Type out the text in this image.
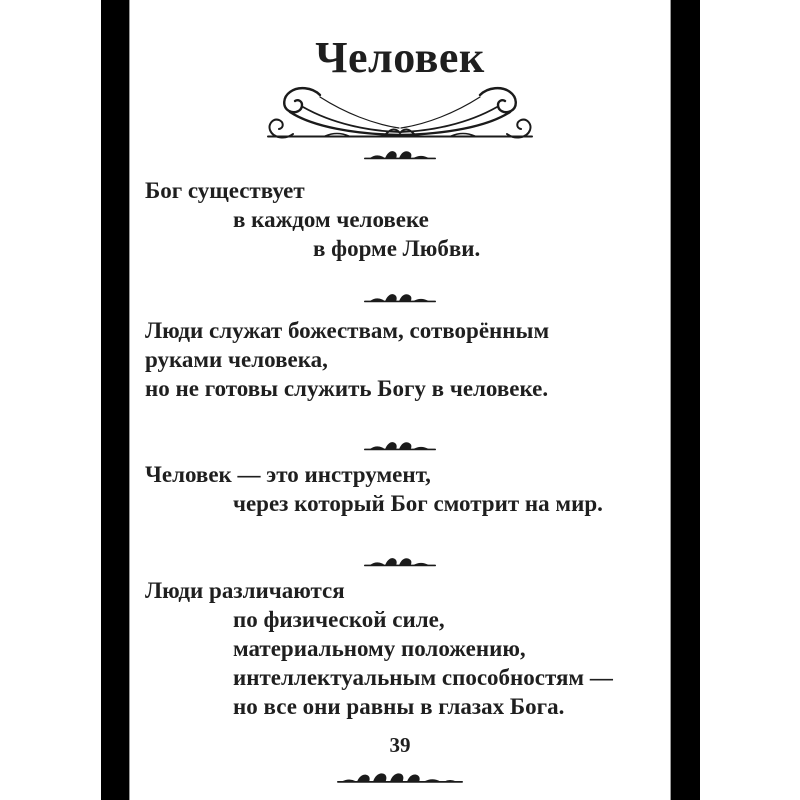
Человек
Бог существует
в каждом человеке
в форме Любви.
Люди служат божествам, сотворённым
руками человека,
но не готовы служить Богу в человеке.
Человек — это инструмент,
через который Бог смотрит на мир.
Люди различаются
по физической силе,
материальному положению,
интеллектуальным способностям —
но все они равны в глазах Бога.
39
